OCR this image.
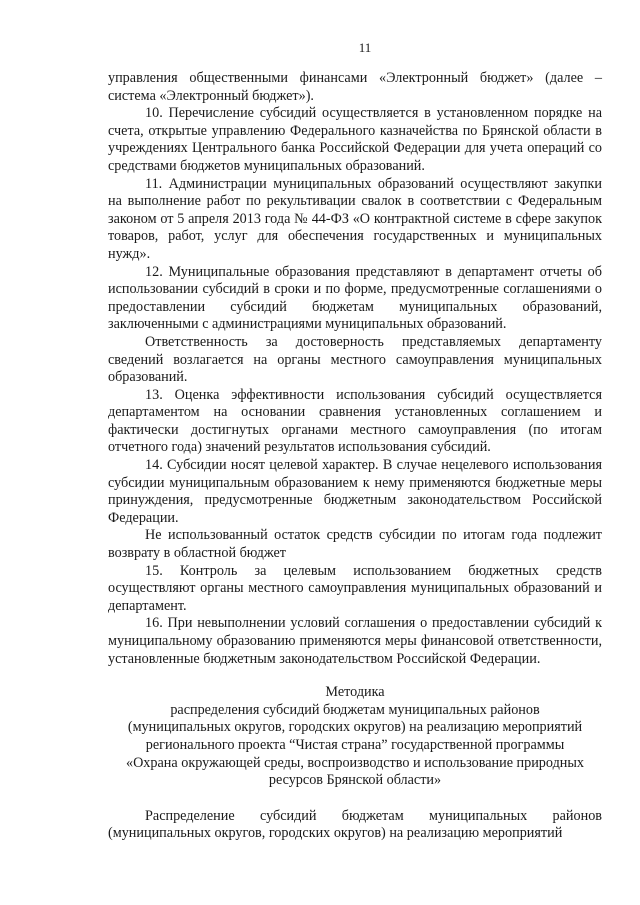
11

управления общественными финансами «Электронный бюджет» (далее – система «Электронный бюджет»).

10. Перечисление субсидий осуществляется в установленном порядке на счета, открытые управлению Федерального казначейства по Брянской области в учреждениях Центрального банка Российской Федерации для учета операций со средствами бюджетов муниципальных образований.

11. Администрации муниципальных образований осуществляют закупки на выполнение работ по рекультивации свалок в соответствии с Федеральным законом от 5 апреля 2013 года № 44-ФЗ «О контрактной системе в сфере закупок товаров, работ, услуг для обеспечения государственных и муниципальных нужд».

12. Муниципальные образования представляют в департамент отчеты об использовании субсидий в сроки и по форме, предусмотренные соглашениями о предоставлении субсидий бюджетам муниципальных образований, заключенными с администрациями муниципальных образований.

Ответственность за достоверность представляемых департаменту сведений возлагается на органы местного самоуправления муниципальных образований.

13. Оценка эффективности использования субсидий осуществляется департаментом на основании сравнения установленных соглашением и фактически достигнутых органами местного самоуправления (по итогам отчетного года) значений результатов использования субсидий.

14. Субсидии носят целевой характер. В случае нецелевого использования субсидии муниципальным образованием к нему применяются бюджетные меры принуждения, предусмотренные бюджетным законодательством Российской Федерации.

Не использованный остаток средств субсидии по итогам года подлежит возврату в областной бюджет

15. Контроль за целевым использованием бюджетных средств осуществляют органы местного самоуправления муниципальных образований и департамент.

16. При невыполнении условий соглашения о предоставлении субсидий к муниципальному образованию применяются меры финансовой ответственности, установленные бюджетным законодательством Российской Федерации.

Методика
распределения субсидий бюджетам муниципальных районов
(муниципальных округов, городских округов) на реализацию мероприятий
регионального проекта “Чистая страна” государственной программы
«Охрана окружающей среды, воспроизводство и использование природных
ресурсов Брянской области»

Распределение субсидий бюджетам муниципальных районов (муниципальных округов, городских округов) на реализацию мероприятий
